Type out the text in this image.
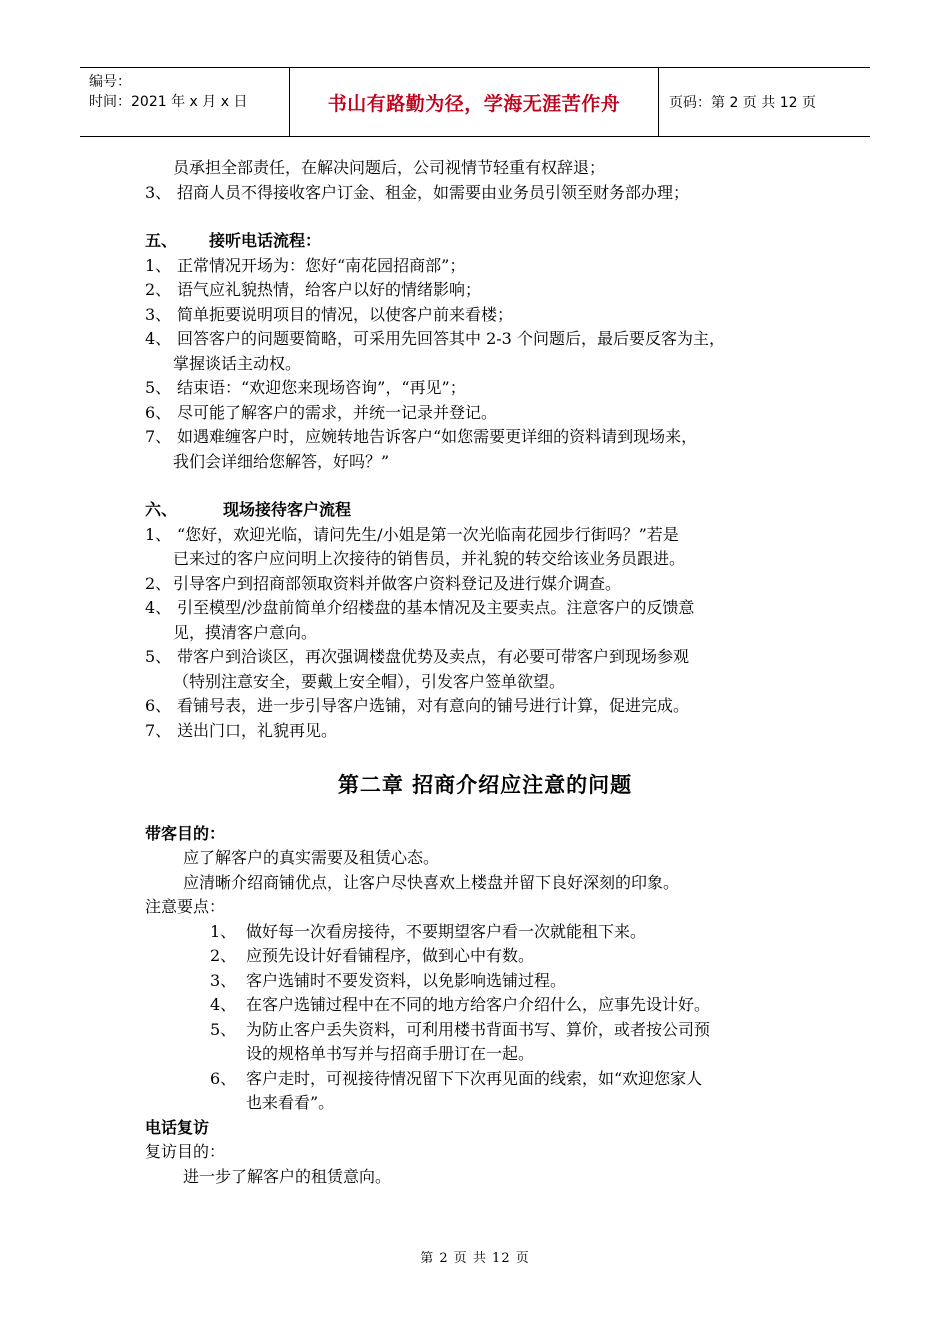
编号：
时间：2021 年 x 月 x 日	书山有路勤为径，学海无涯苦作舟	页码：第 2 页 共 12 页
员承担全部责任，在解决问题后，公司视情节轻重有权辞退；
3、 招商人员不得接收客户订金、租金，如需要由业务员引领至财务部办理；
五、 接听电话流程：
1、 正常情况开场为：您好“南花园招商部”；
2、 语气应礼貌热情，给客户以好的情绪影响；
3、 简单扼要说明项目的情况，以使客户前来看楼；
4、 回答客户的问题要简略，可采用先回答其中 2-3 个问题后，最后要反客为主，
掌握谈话主动权。
5、 结束语：“欢迎您来现场咨询”，“再见”；
6、 尽可能了解客户的需求，并统一记录并登记。
7、 如遇难缠客户时，应婉转地告诉客户“如您需要更详细的资料请到现场来，
我们会详细给您解答，好吗？”
六、	现场接待客户流程
1、 “您好，欢迎光临，请问先生/小姐是第一次光临南花园步行街吗？”若是
已来过的客户应问明上次接待的销售员，并礼貌的转交给该业务员跟进。
2、 引导客户到招商部领取资料并做客户资料登记及进行媒介调查。
4、 引至模型/沙盘前简单介绍楼盘的基本情况及主要卖点。注意客户的反馈意
见，摸清客户意向。
5、 带客户到洽谈区，再次强调楼盘优势及卖点，有必要可带客户到现场参观
（特别注意安全，要戴上安全帽），引发客户签单欲望。
6、 看铺号表，进一步引导客户选铺，对有意向的铺号进行计算，促进完成。
7、 送出门口，礼貌再见。
第二章 招商介绍应注意的问题
带客目的：
应了解客户的真实需要及租赁心态。
应清晰介绍商铺优点，让客户尽快喜欢上楼盘并留下良好深刻的印象。
注意要点：
1、 做好每一次看房接待，不要期望客户看一次就能租下来。
2、 应预先设计好看铺程序，做到心中有数。
3、 客户选铺时不要发资料，以免影响选铺过程。
4、 在客户选铺过程中在不同的地方给客户介绍什么，应事先设计好。
5、 为防止客户丢失资料，可利用楼书背面书写、算价，或者按公司预
设的规格单书写并与招商手册订在一起。
6、 客户走时，可视接待情况留下下次再见面的线索，如“欢迎您家人
也来看看”。
电话复访
复访目的：
进一步了解客户的租赁意向。
第 2 页 共 12 页
